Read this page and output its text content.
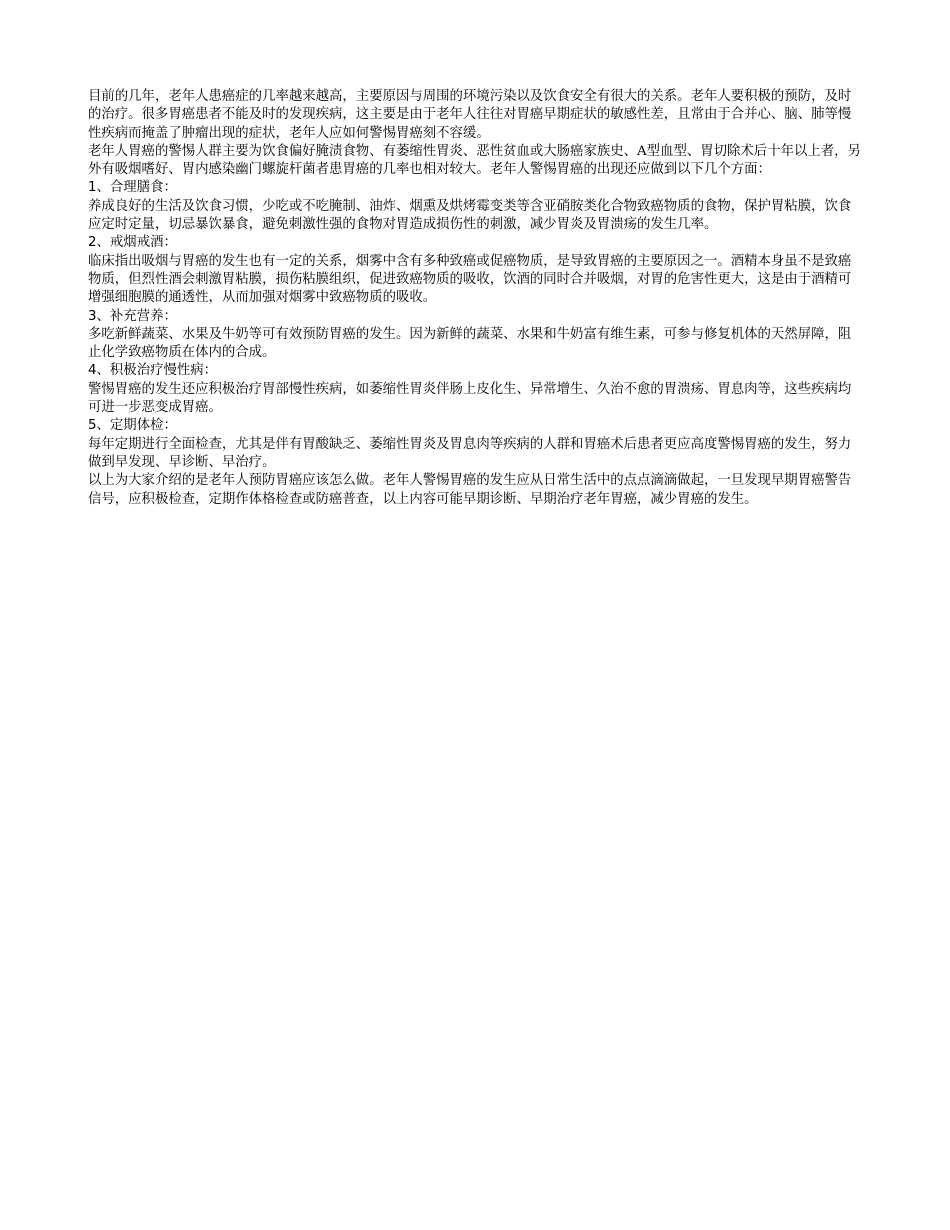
目前的几年，老年人患癌症的几率越来越高，主要原因与周围的环境污染以及饮食安全有很大的关系。老年人要积极的预防，及时的治疗。很多胃癌患者不能及时的发现疾病，这主要是由于老年人往往对胃癌早期症状的敏感性差，且常由于合并心、脑、肺等慢性疾病而掩盖了肿瘤出现的症状，老年人应如何警惕胃癌刻不容缓。

老年人胃癌的警惕人群主要为饮食偏好腌渍食物、有萎缩性胃炎、恶性贫血或大肠癌家族史、A型血型、胃切除术后十年以上者，另外有吸烟嗜好、胃内感染幽门螺旋杆菌者患胃癌的几率也相对较大。老年人警惕胃癌的出现还应做到以下几个方面：

1、合理膳食：

养成良好的生活及饮食习惯，少吃或不吃腌制、油炸、烟熏及烘烤霉变类等含亚硝胺类化合物致癌物质的食物，保护胃粘膜，饮食应定时定量，切忌暴饮暴食，避免刺激性强的食物对胃造成损伤性的刺激，减少胃炎及胃溃疡的发生几率。

2、戒烟戒酒：

临床指出吸烟与胃癌的发生也有一定的关系，烟雾中含有多种致癌或促癌物质，是导致胃癌的主要原因之一。酒精本身虽不是致癌物质，但烈性酒会刺激胃粘膜，损伤粘膜组织，促进致癌物质的吸收，饮酒的同时合并吸烟，对胃的危害性更大，这是由于酒精可增强细胞膜的通透性，从而加强对烟雾中致癌物质的吸收。

3、补充营养：

多吃新鲜蔬菜、水果及牛奶等可有效预防胃癌的发生。因为新鲜的蔬菜、水果和牛奶富有维生素，可参与修复机体的天然屏障，阻止化学致癌物质在体内的合成。

4、积极治疗慢性病：

警惕胃癌的发生还应积极治疗胃部慢性疾病，如萎缩性胃炎伴肠上皮化生、异常增生、久治不愈的胃溃疡、胃息肉等，这些疾病均可进一步恶变成胃癌。

5、定期体检：

每年定期进行全面检查，尤其是伴有胃酸缺乏、萎缩性胃炎及胃息肉等疾病的人群和胃癌术后患者更应高度警惕胃癌的发生，努力做到早发现、早诊断、早治疗。

以上为大家介绍的是老年人预防胃癌应该怎么做。老年人警惕胃癌的发生应从日常生活中的点点滴滴做起，一旦发现早期胃癌警告信号，应积极检查，定期作体格检查或防癌普查，以上内容可能早期诊断、早期治疗老年胃癌，减少胃癌的发生。
